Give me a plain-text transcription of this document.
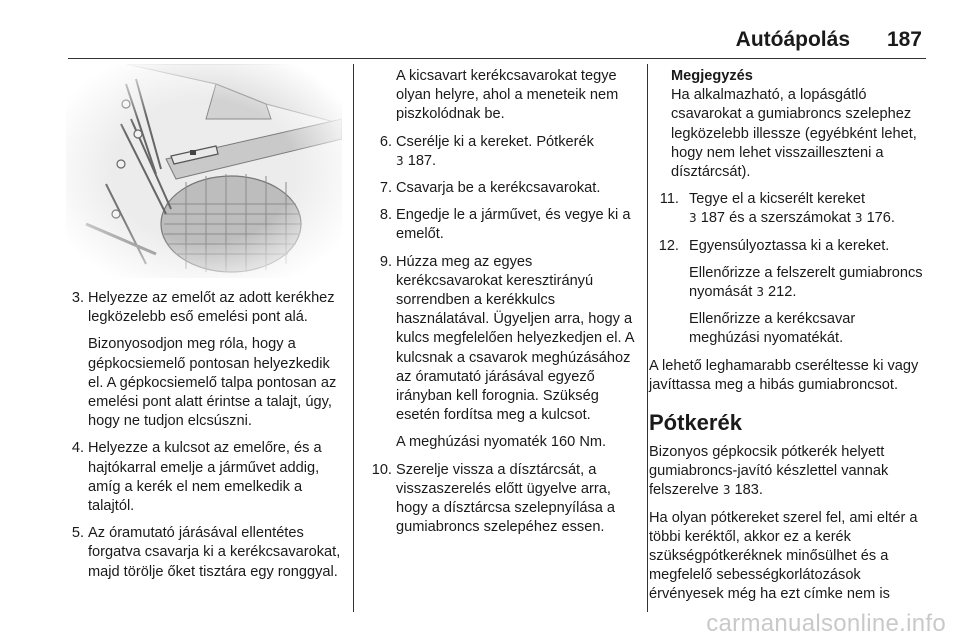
Autóápolás 187
3. Helyezze az emelőt az adott kerékhez legközelebb eső emelési pont alá.
Bizonyosodjon meg róla, hogy a gépkocsiemelő pontosan helyezkedik el. A gépkocsiemelő talpa pontosan az emelési pont alatt érintse a talajt, úgy, hogy ne tudjon elcsúszni.
4. Helyezze a kulcsot az emelőre, és a hajtókarral emelje a járművet addig, amíg a kerék el nem emelkedik a talajtól.
5. Az óramutató járásával ellentétes forgatva csavarja ki a kerékcsavarokat, majd törölje őket tisztára egy ronggyal.
A kicsavart kerékcsavarokat tegye olyan helyre, ahol a meneteik nem piszkolódnak be.
6. Cserélje ki a kereket. Pótkerék
3 187.
7. Csavarja be a kerékcsavarokat.
8. Engedje le a járművet, és vegye ki a emelőt.
9. Húzza meg az egyes kerékcsavarokat keresztirányú sorrendben a kerékkulcs használatával. Ügyeljen arra, hogy a kulcs megfelelően helyezkedjen el. A kulcsnak a csavarok meghúzásához az óramutató járásával egyező irányban kell forognia. Szükség esetén fordítsa meg a kulcsot.
A meghúzási nyomaték 160 Nm.
10. Szerelje vissza a dísztárcsát, a visszaszerelés előtt ügyelve arra, hogy a dísztárcsa szelepnyílása a gumiabroncs szelepéhez essen.
Megjegyzés
Ha alkalmazható, a lopásgátló csavarokat a gumiabroncs szelephez legközelebb illessze (egyébként lehet, hogy nem lehet visszailleszteni a dísztárcsát).
11. Tegye el a kicserélt kereket
3 187 és a szerszámokat 3 176.
12. Egyensúlyoztassa ki a kereket.
Ellenőrizze a felszerelt gumiabroncs nyomását 3 212.
Ellenőrizze a kerékcsavar meghúzási nyomatékát.

A lehető leghamarabb cseréltesse ki vagy javíttassa meg a hibás gumiabroncsot.

Pótkerék

Bizonyos gépkocsik pótkerék helyett gumiabroncs-javító készlettel vannak felszerelve 3 183.

Ha olyan pótkereket szerel fel, ami eltér a többi keréktől, akkor ez a kerék szükségpótkeréknek minősülhet és a megfelelő sebességkorlátozások érvényesek még ha ezt címke nem is

carmanualsonline.info
